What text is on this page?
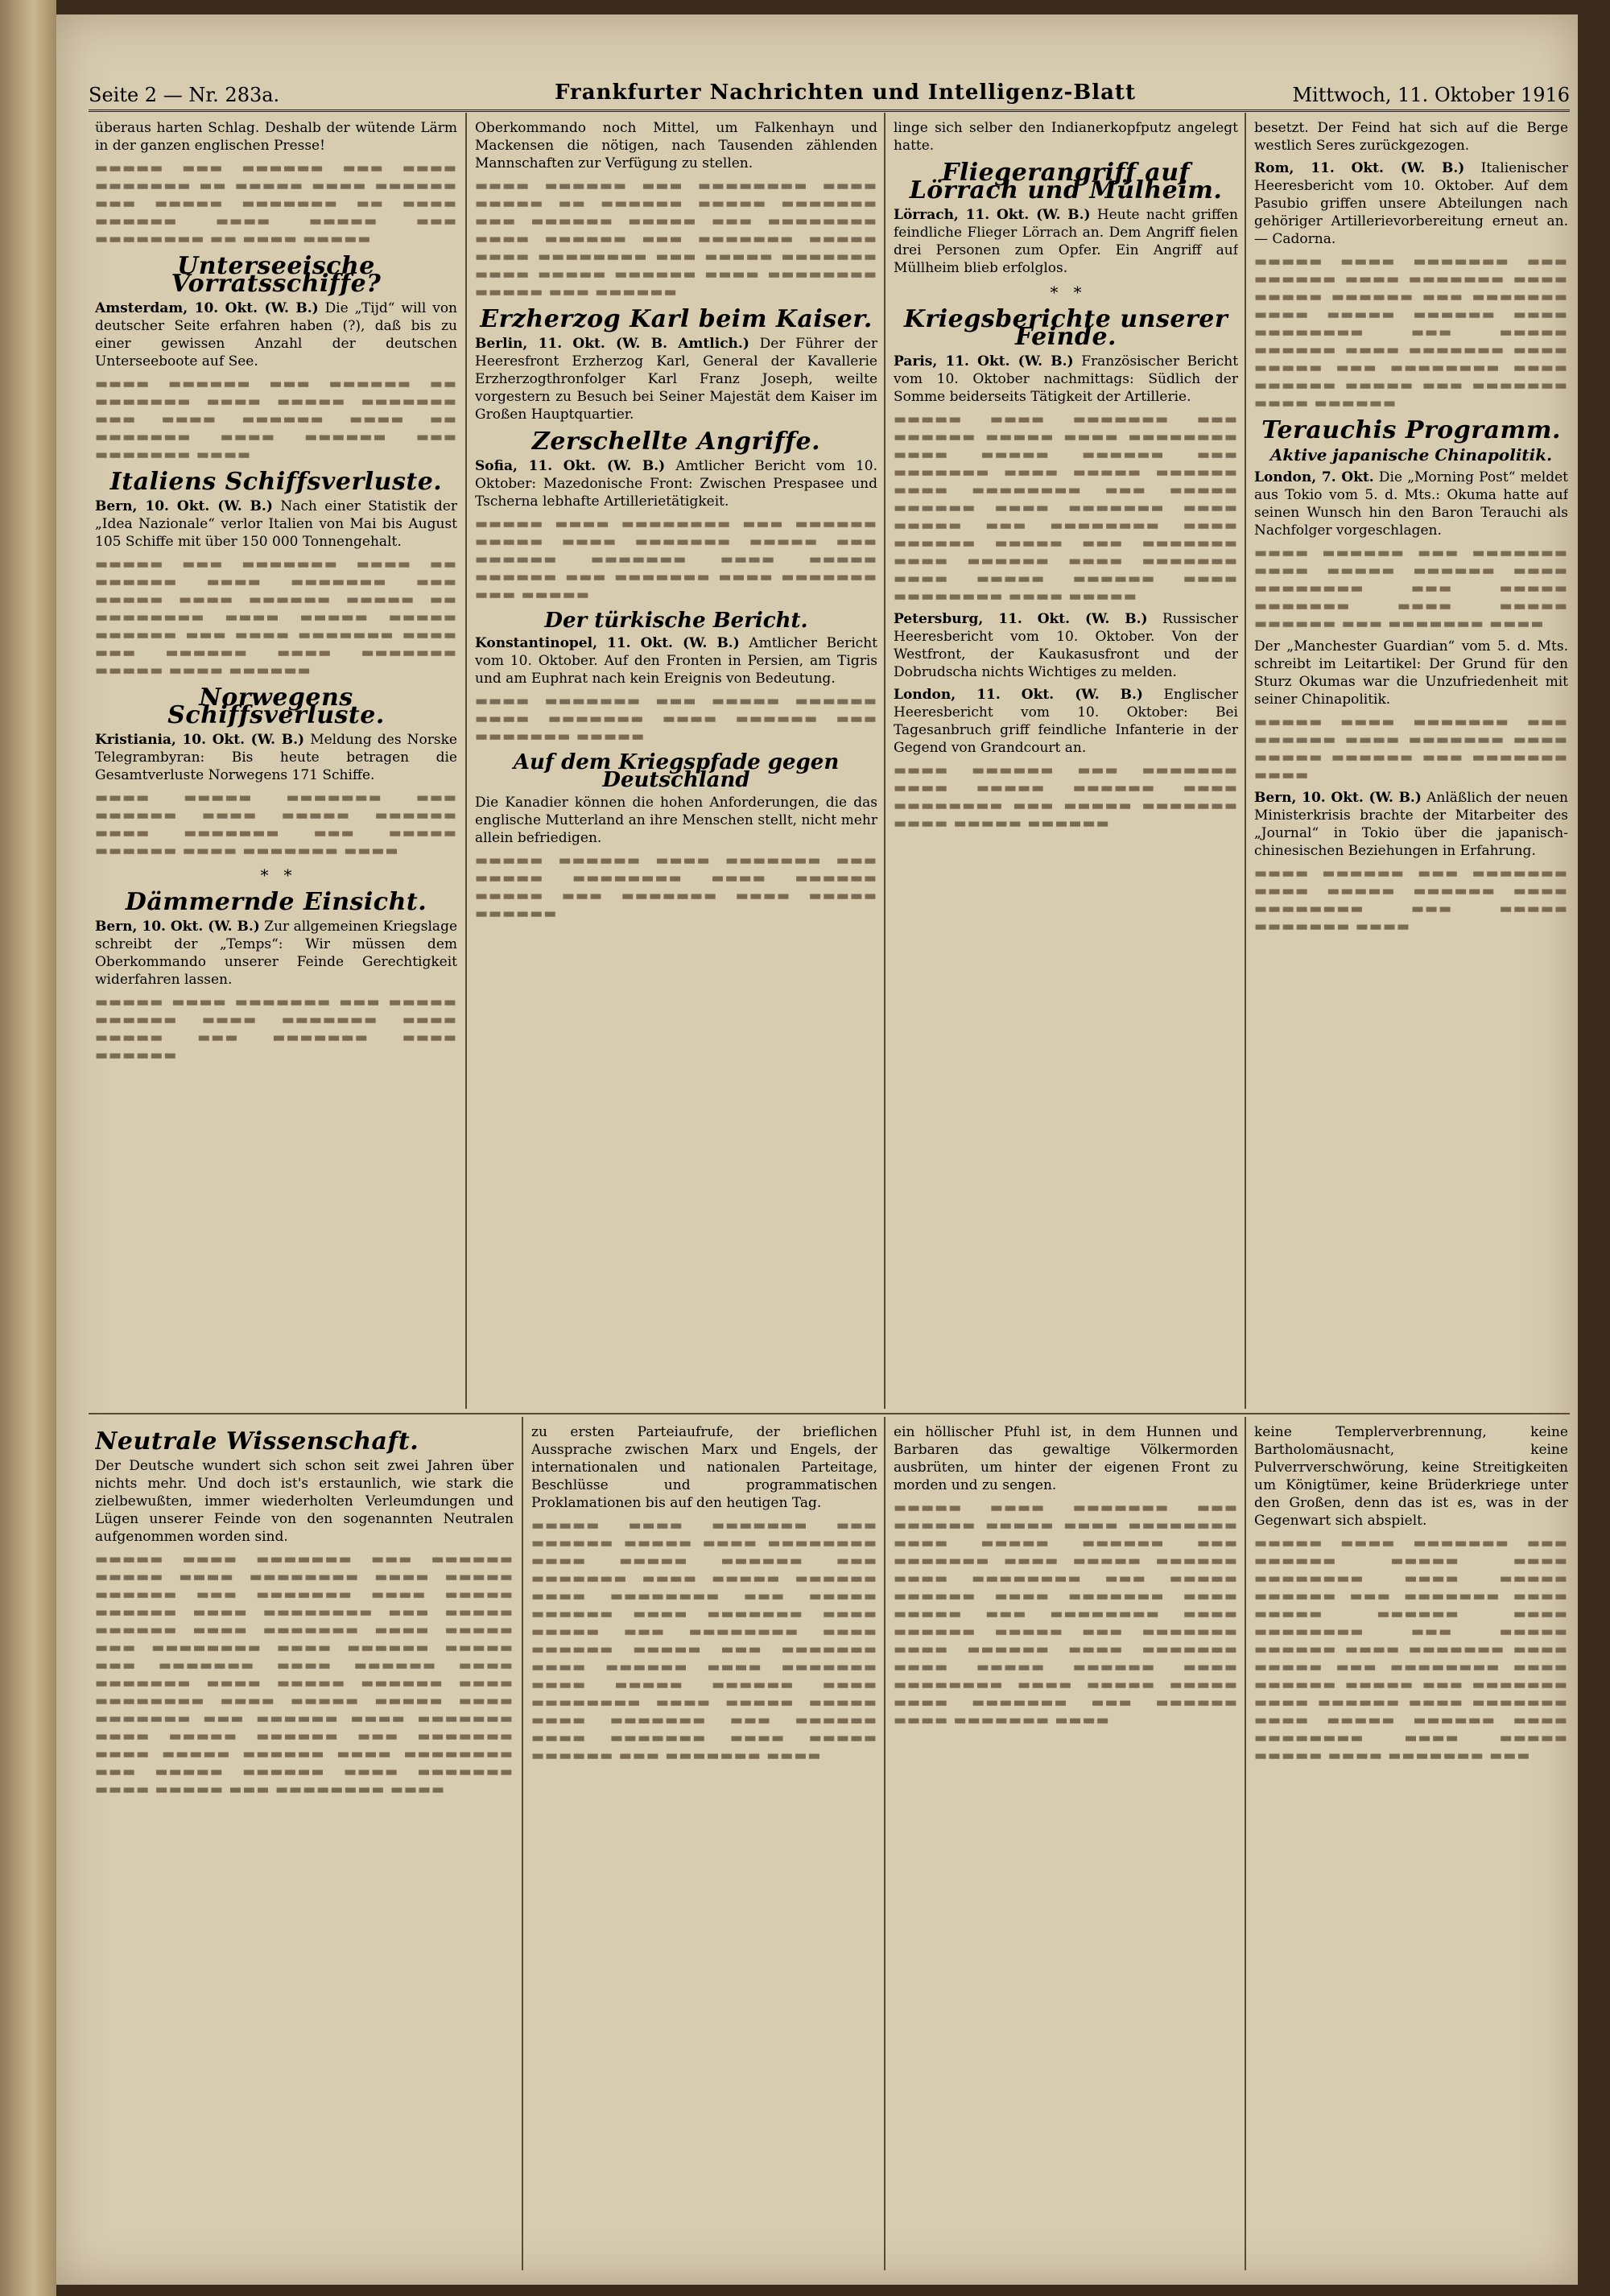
Seite 2 — Nr. 283a.	Frankfurter Nachrichten und Intelligenz-Blatt	Mittwoch, 11. Oktober 1916

überaus harten Schlag. Deshalb der wütende Lärm in der ganzen englischen Presse!

▬▬▬▬▬ ▬▬▬ ▬▬▬▬▬▬ ▬▬▬ ▬▬▬▬ ▬▬▬▬▬▬▬ ▬▬ ▬▬▬▬▬ ▬▬▬▬ ▬▬▬▬▬▬ ▬▬▬ ▬▬▬▬▬ ▬▬▬▬▬▬▬ ▬▬ ▬▬▬▬ ▬▬▬▬▬▬ ▬▬▬▬ ▬▬▬▬▬ ▬▬▬ ▬▬▬▬▬▬▬▬ ▬▬ ▬▬▬▬ ▬▬▬▬▬

Unterseeische Vorratsschiffe?

Amsterdam, 10. Okt. (W. B.) Die „Tijd“ will von deutscher Seite erfahren haben (?), daß bis zu einer gewissen Anzahl der deutschen Unterseeboote auf See.

▬▬▬▬ ▬▬▬▬▬▬ ▬▬▬ ▬▬▬▬▬▬ ▬▬ ▬▬▬▬▬▬▬ ▬▬▬▬ ▬▬▬▬▬ ▬▬▬▬▬▬▬ ▬▬▬ ▬▬▬▬ ▬▬▬▬▬▬ ▬▬▬▬ ▬▬ ▬▬▬▬▬▬▬ ▬▬▬▬ ▬▬▬▬▬▬ ▬▬▬ ▬▬▬▬▬▬▬ ▬▬▬▬

Italiens Schiffsverluste.

Bern, 10. Okt. (W. B.) Nach einer Statistik der „Idea Nazionale“ verlor Italien von Mai bis August 105 Schiffe mit über 150 000 Tonnengehalt.

▬▬▬▬▬ ▬▬▬ ▬▬▬▬▬▬▬ ▬▬▬▬ ▬▬ ▬▬▬▬▬▬ ▬▬▬▬ ▬▬▬▬▬▬▬ ▬▬▬ ▬▬▬▬▬ ▬▬▬▬ ▬▬▬▬▬▬ ▬▬▬▬▬ ▬▬ ▬▬▬▬▬▬▬▬ ▬▬▬▬ ▬▬▬▬▬ ▬▬▬▬▬ ▬▬▬▬▬▬ ▬▬▬ ▬▬▬▬ ▬▬▬▬▬▬▬ ▬▬▬▬ ▬▬▬ ▬▬▬▬▬▬ ▬▬▬▬ ▬▬▬▬▬▬▬ ▬▬▬▬▬ ▬▬▬▬ ▬▬▬▬▬▬

Norwegens Schiffsverluste.

Kristiania, 10. Okt. (W. B.) Meldung des Norske Telegrambyran: Bis heute betragen die Gesamtverluste Norwegens 171 Schiffe.

▬▬▬▬ ▬▬▬▬▬ ▬▬▬▬▬▬▬ ▬▬▬ ▬▬▬▬▬▬ ▬▬▬▬ ▬▬▬▬▬ ▬▬▬▬▬▬ ▬▬▬▬ ▬▬▬▬▬▬▬ ▬▬▬ ▬▬▬▬▬ ▬▬▬▬▬▬ ▬▬▬▬ ▬▬▬▬▬▬▬ ▬▬▬▬

*   *
Dämmernde Einsicht.

Bern, 10. Okt. (W. B.) Zur allgemeinen Kriegslage schreibt der „Temps“: Wir müssen dem Oberkommando unserer Feinde Gerechtigkeit widerfahren lassen.

▬▬▬▬▬ ▬▬▬▬ ▬▬▬▬▬▬▬ ▬▬▬ ▬▬▬▬▬ ▬▬▬▬▬▬ ▬▬▬▬ ▬▬▬▬▬▬▬ ▬▬▬▬ ▬▬▬▬▬ ▬▬▬ ▬▬▬▬▬▬▬ ▬▬▬▬ ▬▬▬▬▬▬

Oberkommando noch Mittel, um Falkenhayn und Mackensen die nötigen, nach Tausenden zählenden Mannschaften zur Verfügung zu stellen.

▬▬▬▬ ▬▬▬▬▬▬ ▬▬▬ ▬▬▬▬▬▬▬▬ ▬▬▬▬ ▬▬▬▬▬ ▬▬ ▬▬▬▬▬▬ ▬▬▬▬▬ ▬▬▬▬▬▬▬ ▬▬▬ ▬▬▬▬▬▬ ▬▬▬▬▬ ▬▬▬ ▬▬▬▬▬▬▬▬ ▬▬▬▬ ▬▬▬▬▬▬ ▬▬▬ ▬▬▬▬▬▬▬ ▬▬▬▬▬ ▬▬▬▬ ▬▬▬▬▬▬▬▬ ▬▬▬ ▬▬▬▬▬ ▬▬▬▬▬▬▬ ▬▬▬▬ ▬▬▬▬▬ ▬▬▬▬▬▬ ▬▬▬▬ ▬▬▬▬▬▬▬▬ ▬▬▬▬▬ ▬▬▬ ▬▬▬▬▬▬

Erzherzog Karl beim Kaiser.

Berlin, 11. Okt. (W. B. Amtlich.) Der Führer der Heeresfront Erzherzog Karl, General der Kavallerie Erzherzogthronfolger Karl Franz Joseph, weilte vorgestern zu Besuch bei Seiner Majestät dem Kaiser im Großen Hauptquartier.

Zerschellte Angriffe.

Sofia, 11. Okt. (W. B.) Amtlicher Bericht vom 10. Oktober: Mazedonische Front: Zwischen Prespasee und Tscherna lebhafte Artillerietätigkeit.

▬▬▬▬▬ ▬▬▬▬ ▬▬▬▬▬▬▬▬ ▬▬▬ ▬▬▬▬▬▬ ▬▬▬▬▬ ▬▬▬▬ ▬▬▬▬▬▬▬ ▬▬▬▬▬ ▬▬▬ ▬▬▬▬▬▬ ▬▬▬▬▬▬▬ ▬▬▬▬ ▬▬▬▬▬ ▬▬▬▬▬▬ ▬▬▬ ▬▬▬▬▬▬▬ ▬▬▬▬ ▬▬▬▬▬▬▬ ▬▬▬ ▬▬▬▬▬

Der türkische Bericht.

Konstantinopel, 11. Okt. (W. B.) Amtlicher Bericht vom 10. Oktober. Auf den Fronten in Persien, am Tigris und am Euphrat nach kein Ereignis von Bedeutung.

▬▬▬▬ ▬▬▬▬▬▬▬ ▬▬▬ ▬▬▬▬▬ ▬▬▬▬▬▬ ▬▬▬▬ ▬▬▬▬▬▬▬ ▬▬▬▬ ▬▬▬▬▬▬ ▬▬▬ ▬▬▬▬▬▬▬ ▬▬▬▬▬

Auf dem Kriegspfade gegen Deutschland

Die Kanadier können die hohen Anforderungen, die das englische Mutterland an ihre Menschen stellt, nicht mehr allein befriedigen.

▬▬▬▬▬ ▬▬▬▬▬▬ ▬▬▬▬ ▬▬▬▬▬▬▬ ▬▬▬ ▬▬▬▬▬ ▬▬▬▬▬▬▬▬ ▬▬▬▬ ▬▬▬▬▬▬ ▬▬▬▬▬ ▬▬▬ ▬▬▬▬▬▬▬ ▬▬▬▬ ▬▬▬▬▬ ▬▬▬▬▬▬

linge sich selber den Indianerkopfputz angelegt hatte.

Fliegerangriff auf Lörrach und Mülheim.

Lörrach, 11. Okt. (W. B.) Heute nacht griffen feindliche Flieger Lörrach an. Dem Angriff fielen drei Personen zum Opfer. Ein Angriff auf Müllheim blieb erfolglos.

*   *
Kriegsberichte unserer Feinde.

Paris, 11. Okt. (W. B.) Französischer Bericht vom 10. Oktober nachmittags: Südlich der Somme beiderseits Tätigkeit der Artillerie.

▬▬▬▬▬ ▬▬▬▬ ▬▬▬▬▬▬▬ ▬▬▬ ▬▬▬▬▬▬ ▬▬▬▬▬ ▬▬▬▬ ▬▬▬▬▬▬▬▬ ▬▬▬▬ ▬▬▬▬▬ ▬▬▬▬▬▬ ▬▬▬ ▬▬▬▬▬▬▬ ▬▬▬▬ ▬▬▬▬▬ ▬▬▬▬▬▬ ▬▬▬▬ ▬▬▬▬▬▬▬▬ ▬▬▬ ▬▬▬▬▬ ▬▬▬▬▬▬ ▬▬▬▬ ▬▬▬▬▬▬▬ ▬▬▬▬ ▬▬▬▬▬ ▬▬▬ ▬▬▬▬▬▬▬▬ ▬▬▬▬ ▬▬▬▬▬▬ ▬▬▬▬▬ ▬▬▬ ▬▬▬▬▬▬▬ ▬▬▬▬ ▬▬▬▬▬▬ ▬▬▬▬ ▬▬▬▬▬▬▬ ▬▬▬▬ ▬▬▬▬▬ ▬▬▬▬▬▬ ▬▬▬▬ ▬▬▬▬▬▬▬▬ ▬▬▬▬ ▬▬▬▬▬

Petersburg, 11. Okt. (W. B.) Russischer Heeresbericht vom 10. Oktober. Von der Westfront, der Kaukasusfront und der Dobrudscha nichts Wichtiges zu melden.

London, 11. Okt. (W. B.) Englischer Heeresbericht vom 10. Oktober: Bei Tagesanbruch griff feindliche Infanterie in der Gegend von Grandcourt an.

▬▬▬▬ ▬▬▬▬▬▬ ▬▬▬ ▬▬▬▬▬▬▬ ▬▬▬▬ ▬▬▬▬▬ ▬▬▬▬▬▬ ▬▬▬▬ ▬▬▬▬▬▬▬▬ ▬▬▬ ▬▬▬▬▬ ▬▬▬▬▬▬▬ ▬▬▬▬ ▬▬▬▬▬ ▬▬▬▬▬▬

besetzt. Der Feind hat sich auf die Berge westlich Seres zurückgezogen.

Rom, 11. Okt. (W. B.) Italienischer Heeresbericht vom 10. Oktober. Auf dem Pasubio griffen unsere Abteilungen nach gehöriger Artillerievorbereitung erneut an. — Cadorna.

▬▬▬▬▬ ▬▬▬▬ ▬▬▬▬▬▬▬ ▬▬▬ ▬▬▬▬▬▬ ▬▬▬▬ ▬▬▬▬▬▬▬ ▬▬▬▬ ▬▬▬▬▬ ▬▬▬▬▬▬ ▬▬▬ ▬▬▬▬▬▬▬ ▬▬▬▬ ▬▬▬▬▬ ▬▬▬▬▬▬ ▬▬▬▬ ▬▬▬▬▬▬▬▬ ▬▬▬ ▬▬▬▬▬ ▬▬▬▬▬▬ ▬▬▬▬ ▬▬▬▬▬▬▬ ▬▬▬▬ ▬▬▬▬▬ ▬▬▬ ▬▬▬▬▬▬▬▬ ▬▬▬▬ ▬▬▬▬▬▬ ▬▬▬▬▬ ▬▬▬ ▬▬▬▬▬▬▬ ▬▬▬▬ ▬▬▬▬▬▬

Terauchis Programm.
Aktive japanische Chinapolitik.

London, 7. Okt. Die „Morning Post“ meldet aus Tokio vom 5. d. Mts.: Okuma hatte auf seinen Wunsch hin den Baron Terauchi als Nachfolger vorgeschlagen.

▬▬▬▬ ▬▬▬▬▬▬ ▬▬▬ ▬▬▬▬▬▬▬ ▬▬▬▬ ▬▬▬▬▬ ▬▬▬▬▬▬ ▬▬▬▬ ▬▬▬▬▬▬▬▬ ▬▬▬ ▬▬▬▬▬ ▬▬▬▬▬▬▬ ▬▬▬▬ ▬▬▬▬▬ ▬▬▬▬▬▬ ▬▬▬ ▬▬▬▬▬▬▬ ▬▬▬▬

Der „Manchester Guardian“ vom 5. d. Mts. schreibt im Leitartikel: Der Grund für den Sturz Okumas war die Unzufriedenheit mit seiner Chinapolitik.

▬▬▬▬▬ ▬▬▬▬ ▬▬▬▬▬▬▬ ▬▬▬ ▬▬▬▬▬▬ ▬▬▬▬ ▬▬▬▬▬▬▬ ▬▬▬▬ ▬▬▬▬▬ ▬▬▬▬▬▬ ▬▬▬ ▬▬▬▬▬▬▬ ▬▬▬▬

Bern, 10. Okt. (W. B.) Anläßlich der neuen Ministerkrisis brachte der Mitarbeiter des „Journal“ in Tokio über die japanisch-chinesischen Beziehungen in Erfahrung.

▬▬▬▬ ▬▬▬▬▬▬ ▬▬▬ ▬▬▬▬▬▬▬ ▬▬▬▬ ▬▬▬▬▬ ▬▬▬▬▬▬ ▬▬▬▬ ▬▬▬▬▬▬▬▬ ▬▬▬ ▬▬▬▬▬ ▬▬▬▬▬▬▬ ▬▬▬▬

Neutrale Wissenschaft.

Der Deutsche wundert sich schon seit zwei Jahren über nichts mehr. Und doch ist's erstaunlich, wie stark die zielbewußten, immer wiederholten Verleumdungen und Lügen unserer Feinde von den sogenannten Neutralen aufgenommen worden sind.

▬▬▬▬▬ ▬▬▬▬ ▬▬▬▬▬▬▬ ▬▬▬ ▬▬▬▬▬▬ ▬▬▬▬▬ ▬▬▬▬ ▬▬▬▬▬▬▬▬ ▬▬▬▬ ▬▬▬▬▬ ▬▬▬▬▬▬ ▬▬▬ ▬▬▬▬▬▬▬ ▬▬▬▬ ▬▬▬▬▬ ▬▬▬▬▬▬ ▬▬▬▬ ▬▬▬▬▬▬▬▬ ▬▬▬ ▬▬▬▬▬ ▬▬▬▬▬▬ ▬▬▬▬ ▬▬▬▬▬▬▬ ▬▬▬▬ ▬▬▬▬▬ ▬▬▬ ▬▬▬▬▬▬▬▬ ▬▬▬▬ ▬▬▬▬▬▬ ▬▬▬▬▬ ▬▬▬ ▬▬▬▬▬▬▬ ▬▬▬▬ ▬▬▬▬▬▬ ▬▬▬▬ ▬▬▬▬▬▬▬ ▬▬▬▬ ▬▬▬▬▬ ▬▬▬▬▬▬ ▬▬▬▬ ▬▬▬▬▬▬▬▬ ▬▬▬▬ ▬▬▬▬▬ ▬▬▬▬▬ ▬▬▬▬ ▬▬▬▬▬▬▬ ▬▬▬ ▬▬▬▬▬▬ ▬▬▬▬ ▬▬▬▬▬▬▬ ▬▬▬▬ ▬▬▬▬▬ ▬▬▬▬▬▬ ▬▬▬ ▬▬▬▬▬▬▬ ▬▬▬▬ ▬▬▬▬▬ ▬▬▬▬▬▬ ▬▬▬▬ ▬▬▬▬▬▬▬▬ ▬▬▬ ▬▬▬▬▬ ▬▬▬▬▬▬ ▬▬▬▬ ▬▬▬▬▬▬▬ ▬▬▬▬ ▬▬▬▬▬ ▬▬▬ ▬▬▬▬▬▬▬▬ ▬▬▬▬

zu ersten Parteiaufrufe, der brieflichen Aussprache zwischen Marx und Engels, der internationalen und nationalen Parteitage, Beschlüsse und programmatischen Proklamationen bis auf den heutigen Tag.

▬▬▬▬▬ ▬▬▬▬ ▬▬▬▬▬▬▬ ▬▬▬ ▬▬▬▬▬▬ ▬▬▬▬▬ ▬▬▬▬ ▬▬▬▬▬▬▬▬ ▬▬▬▬ ▬▬▬▬▬ ▬▬▬▬▬▬ ▬▬▬ ▬▬▬▬▬▬▬ ▬▬▬▬ ▬▬▬▬▬ ▬▬▬▬▬▬ ▬▬▬▬ ▬▬▬▬▬▬▬▬ ▬▬▬ ▬▬▬▬▬ ▬▬▬▬▬▬ ▬▬▬▬ ▬▬▬▬▬▬▬ ▬▬▬▬ ▬▬▬▬▬ ▬▬▬ ▬▬▬▬▬▬▬▬ ▬▬▬▬ ▬▬▬▬▬▬ ▬▬▬▬▬ ▬▬▬ ▬▬▬▬▬▬▬ ▬▬▬▬ ▬▬▬▬▬▬ ▬▬▬▬ ▬▬▬▬▬▬▬ ▬▬▬▬ ▬▬▬▬▬ ▬▬▬▬▬▬ ▬▬▬▬ ▬▬▬▬▬▬▬▬ ▬▬▬▬ ▬▬▬▬▬ ▬▬▬▬▬ ▬▬▬▬ ▬▬▬▬▬▬▬ ▬▬▬ ▬▬▬▬▬▬ ▬▬▬▬ ▬▬▬▬▬▬▬ ▬▬▬▬ ▬▬▬▬▬ ▬▬▬▬▬▬ ▬▬▬ ▬▬▬▬▬▬▬ ▬▬▬▬

ein höllischer Pfuhl ist, in dem Hunnen und Barbaren das gewaltige Völkermorden ausbrüten, um hinter der eigenen Front zu morden und zu sengen.

▬▬▬▬▬ ▬▬▬▬ ▬▬▬▬▬▬▬ ▬▬▬ ▬▬▬▬▬▬ ▬▬▬▬▬ ▬▬▬▬ ▬▬▬▬▬▬▬▬ ▬▬▬▬ ▬▬▬▬▬ ▬▬▬▬▬▬ ▬▬▬ ▬▬▬▬▬▬▬ ▬▬▬▬ ▬▬▬▬▬ ▬▬▬▬▬▬ ▬▬▬▬ ▬▬▬▬▬▬▬▬ ▬▬▬ ▬▬▬▬▬ ▬▬▬▬▬▬ ▬▬▬▬ ▬▬▬▬▬▬▬ ▬▬▬▬ ▬▬▬▬▬ ▬▬▬ ▬▬▬▬▬▬▬▬ ▬▬▬▬ ▬▬▬▬▬▬ ▬▬▬▬▬ ▬▬▬ ▬▬▬▬▬▬▬ ▬▬▬▬ ▬▬▬▬▬▬ ▬▬▬▬ ▬▬▬▬▬▬▬ ▬▬▬▬ ▬▬▬▬▬ ▬▬▬▬▬▬ ▬▬▬▬ ▬▬▬▬▬▬▬▬ ▬▬▬▬ ▬▬▬▬▬ ▬▬▬▬▬ ▬▬▬▬ ▬▬▬▬▬▬▬ ▬▬▬ ▬▬▬▬▬▬ ▬▬▬▬ ▬▬▬▬▬▬▬ ▬▬▬▬

keine Templerverbrennung, keine Bartholomäusnacht, keine Pulverrverschwörung, keine Streitigkeiten um Königtümer, keine Brüderkriege unter den Großen, denn das ist es, was in der Gegenwart sich abspielt.

▬▬▬▬▬ ▬▬▬▬ ▬▬▬▬▬▬▬ ▬▬▬ ▬▬▬▬▬▬ ▬▬▬▬▬ ▬▬▬▬ ▬▬▬▬▬▬▬▬ ▬▬▬▬ ▬▬▬▬▬ ▬▬▬▬▬▬ ▬▬▬ ▬▬▬▬▬▬▬ ▬▬▬▬ ▬▬▬▬▬ ▬▬▬▬▬▬ ▬▬▬▬ ▬▬▬▬▬▬▬▬ ▬▬▬ ▬▬▬▬▬ ▬▬▬▬▬▬ ▬▬▬▬ ▬▬▬▬▬▬▬ ▬▬▬▬ ▬▬▬▬▬ ▬▬▬ ▬▬▬▬▬▬▬▬ ▬▬▬▬ ▬▬▬▬▬▬ ▬▬▬▬▬ ▬▬▬ ▬▬▬▬▬▬▬ ▬▬▬▬ ▬▬▬▬▬▬ ▬▬▬▬ ▬▬▬▬▬▬▬ ▬▬▬▬ ▬▬▬▬▬ ▬▬▬▬▬▬ ▬▬▬▬ ▬▬▬▬▬▬▬▬ ▬▬▬▬ ▬▬▬▬▬ ▬▬▬▬▬ ▬▬▬▬ ▬▬▬▬▬▬▬ ▬▬▬
